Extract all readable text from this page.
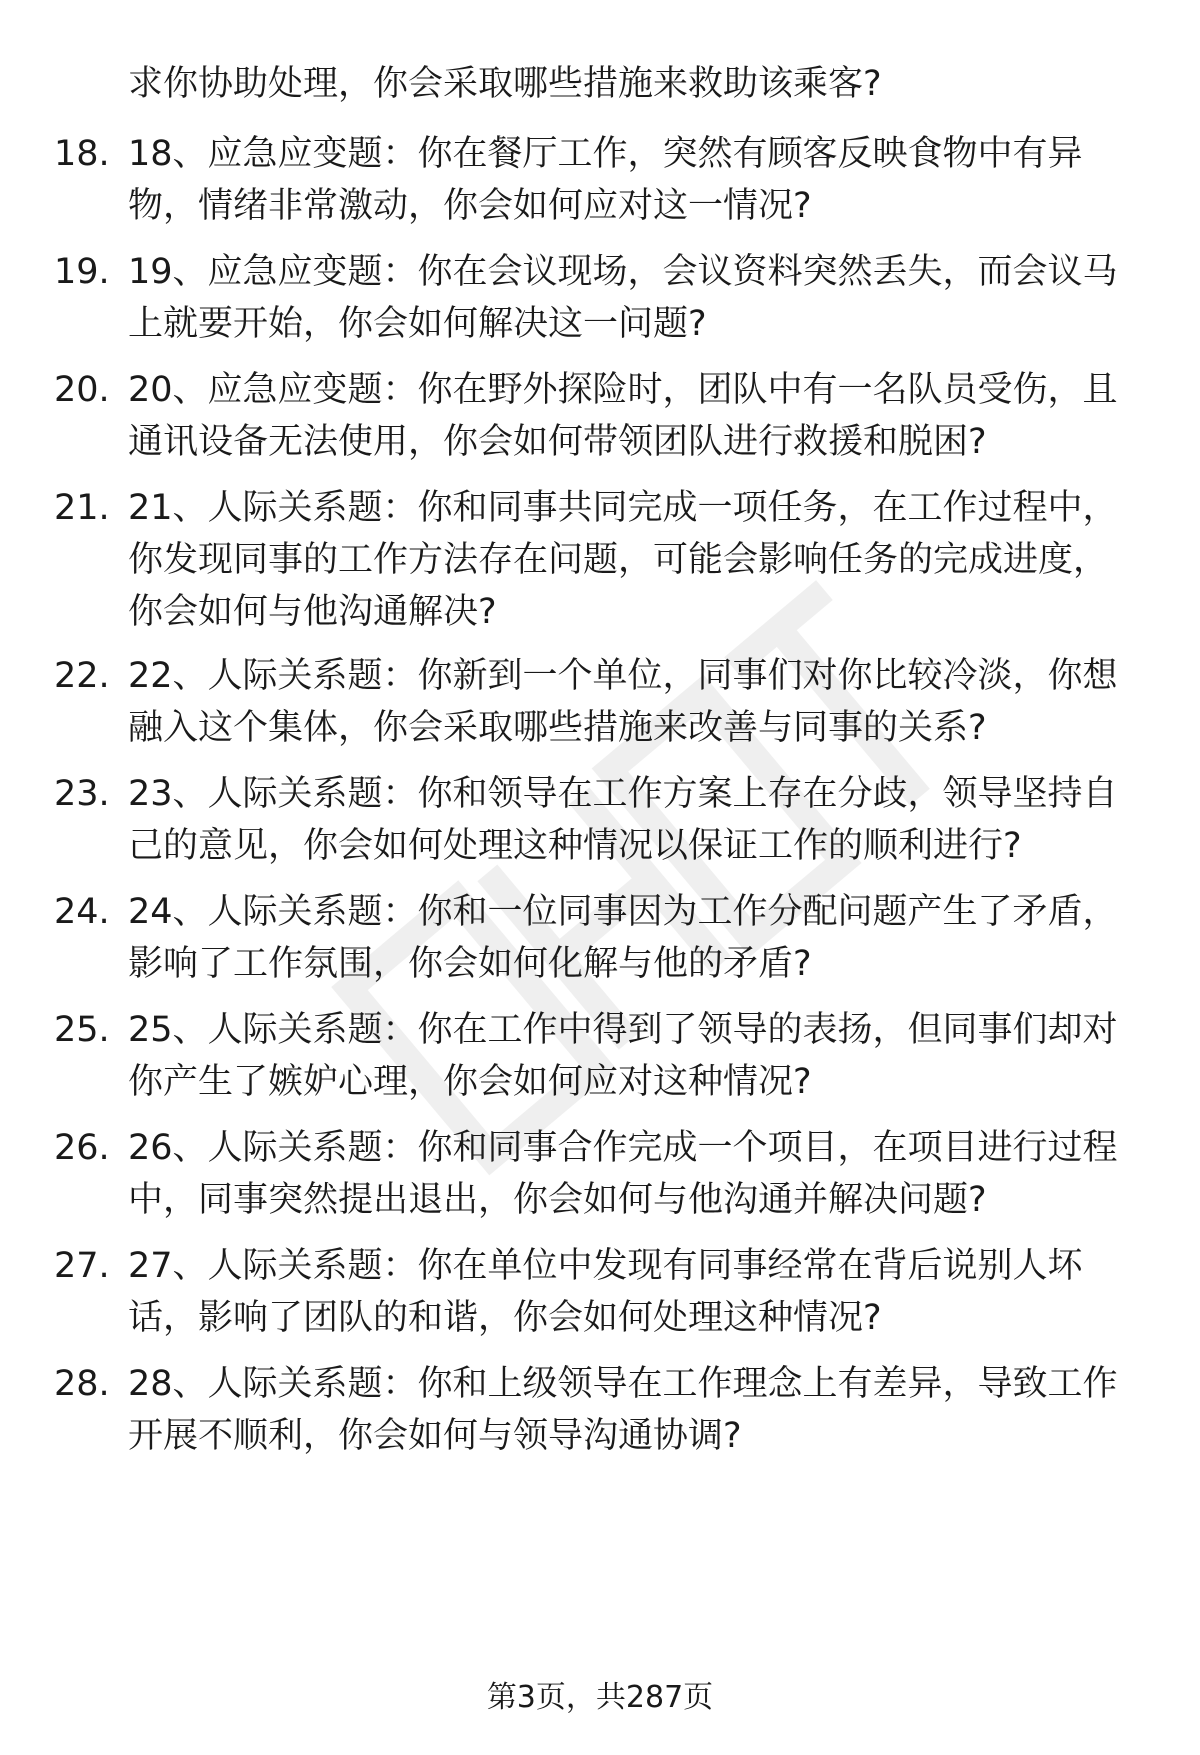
求你协助处理，你会采取哪些措施来救助该乘客?
18. 18、应急应变题：你在餐厅工作，突然有顾客反映食物中有异
物，情绪非常激动，你会如何应对这一情况?
19. 19、应急应变题：你在会议现场，会议资料突然丢失，而会议马
上就要开始，你会如何解决这一问题?
20. 20、应急应变题：你在野外探险时，团队中有一名队员受伤，且
通讯设备无法使用，你会如何带领团队进行救援和脱困?
21. 21、人际关系题：你和同事共同完成一项任务，在工作过程中，
你发现同事的工作方法存在问题，可能会影响任务的完成进度，
你会如何与他沟通解决?
22. 22、人际关系题：你新到一个单位，同事们对你比较冷淡，你想
融入这个集体，你会采取哪些措施来改善与同事的关系?
23. 23、人际关系题：你和领导在工作方案上存在分歧，领导坚持自
己的意见，你会如何处理这种情况以保证工作的顺利进行?
24. 24、人际关系题：你和一位同事因为工作分配问题产生了矛盾，
影响了工作氛围，你会如何化解与他的矛盾?
25. 25、人际关系题：你在工作中得到了领导的表扬，但同事们却对
你产生了嫉妒心理，你会如何应对这种情况?
26. 26、人际关系题：你和同事合作完成一个项目，在项目进行过程
中，同事突然提出退出，你会如何与他沟通并解决问题?
27. 27、人际关系题：你在单位中发现有同事经常在背后说别人坏
话，影响了团队的和谐，你会如何处理这种情况?
28. 28、人际关系题：你和上级领导在工作理念上有差异，导致工作
开展不顺利，你会如何与领导沟通协调?
第3页，共287页
